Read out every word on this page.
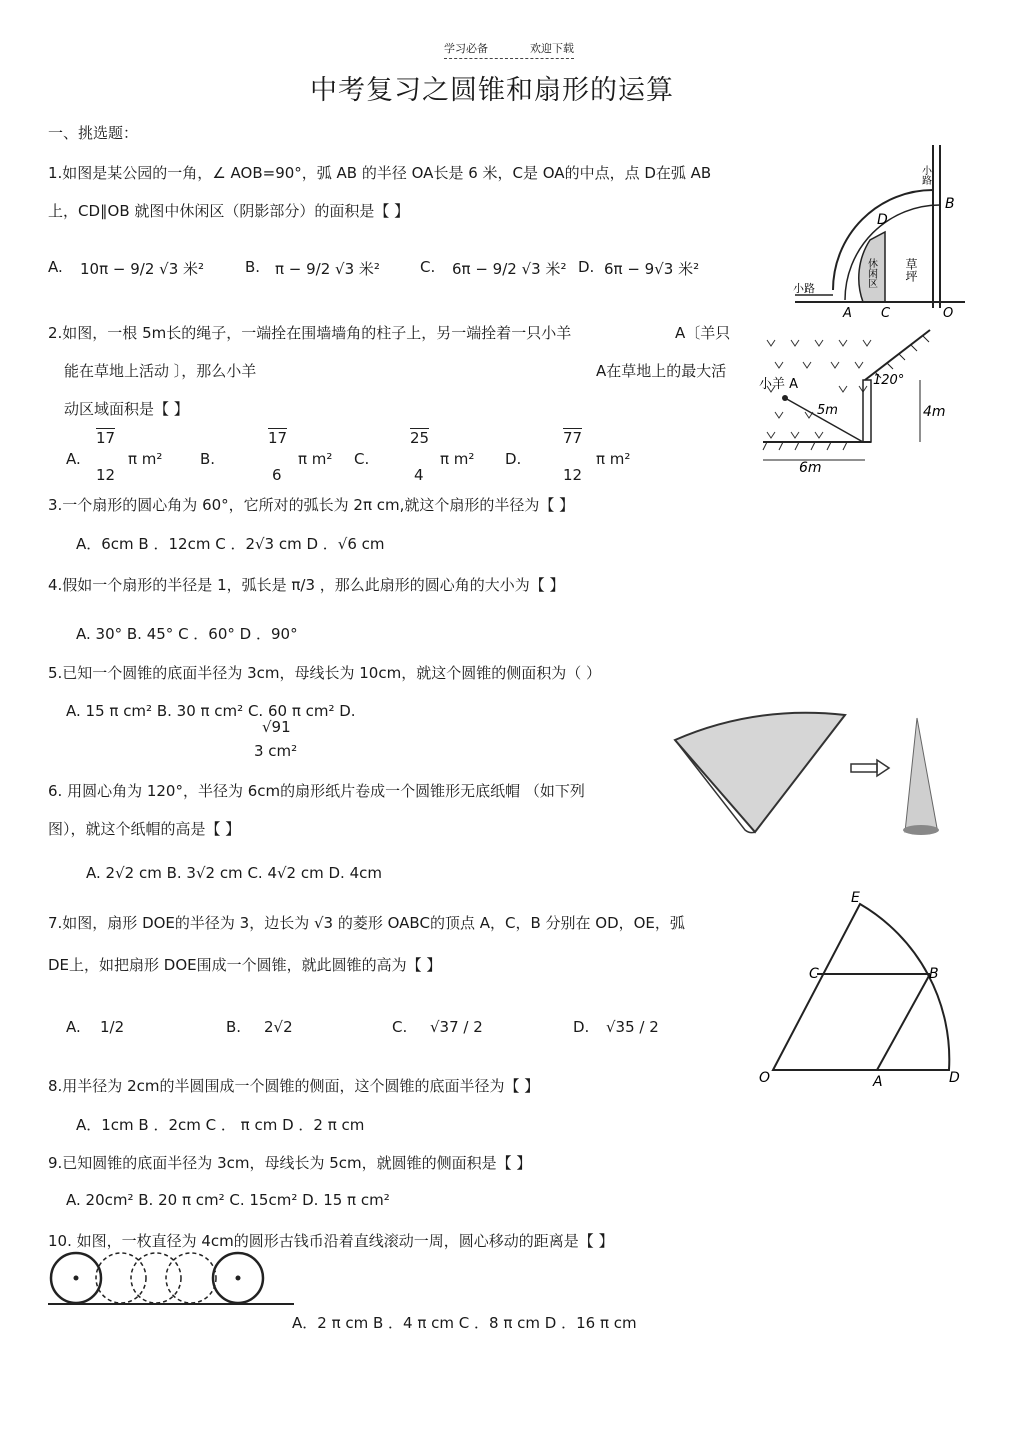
学习必备	欢迎下载
中考复习之圆锥和扇形的运算
一、挑选题：
1.如图是某公园的一角，∠ AOB=90°，弧 AB 的半径 OA长是 6 米，C是 OA的中点，点 D在弧 AB
上，CD∥OB 就图中休闲区（阴影部分）的面积是【 】
A. 10π − 9/2 √3 米²	B. π − 9/2 √3 米²	C. 6π − 9/2 √3 米² D. 6π − 9√3 米²
小路
小路
休闲区 草坪
B
D
A C	O
2.如图，一根 5m长的绳子，一端拴在围墙墙角的柱子上，另一端拴着一只小羊	A〔羊只
能在草地上活动 〕，那么小羊	A在草地上的最大活
动区域面积是【 】
A.
17
12
π m²	B.
17
6
π m² C.
25
4
π m² D.
77
12
π m²
小羊 A
5m
120°
4m
6m
3.一个扇形的圆心角为 60°，它所对的弧长为 2π cm,就这个扇形的半径为【 】
A．6cm B ．12cm C ．2√3 cm D ．√6 cm
4.假如一个扇形的半径是 1，弧长是 π/3 ，那么此扇形的圆心角的大小为【 】
A. 30° B. 45° C ．60° D ．90°
5.已知一个圆锥的底面半径为 3cm，母线长为 10cm，就这个圆锥的侧面积为（ ）
A. 15 π cm² B. 30 π cm² C. 60 π cm² D.
√91
3 cm²
6. 用圆心角为 120°，半径为 6cm的扇形纸片卷成一个圆锥形无底纸帽 （如下列
图），就这个纸帽的高是【 】
A. 2√2 cm B. 3√2 cm C. 4√2 cm D. 4cm
7.如图，扇形 DOE的半径为 3，边长为 √3 的菱形 OABC的顶点 A，C，B 分别在 OD，OE，弧
DE上，如把扇形 DOE围成一个圆锥，就此圆锥的高为【 】
A. 1/2	B. 2√2	C. √37 / 2	D. √35 / 2
E
C	B
O	A	D
8.用半径为 2cm的半圆围成一个圆锥的侧面，这个圆锥的底面半径为【 】
A．1cm B ．2cm C ． π cm D ．2 π cm
9.已知圆锥的底面半径为 3cm，母线长为 5cm，就圆锥的侧面积是【 】
A. 20cm² B. 20 π cm² C. 15cm² D. 15 π cm²
10. 如图，一枚直径为 4cm的圆形古钱币沿着直线滚动一周，圆心移动的距离是【 】
A．2 π cm B ．4 π cm C ．8 π cm D ．16 π cm
